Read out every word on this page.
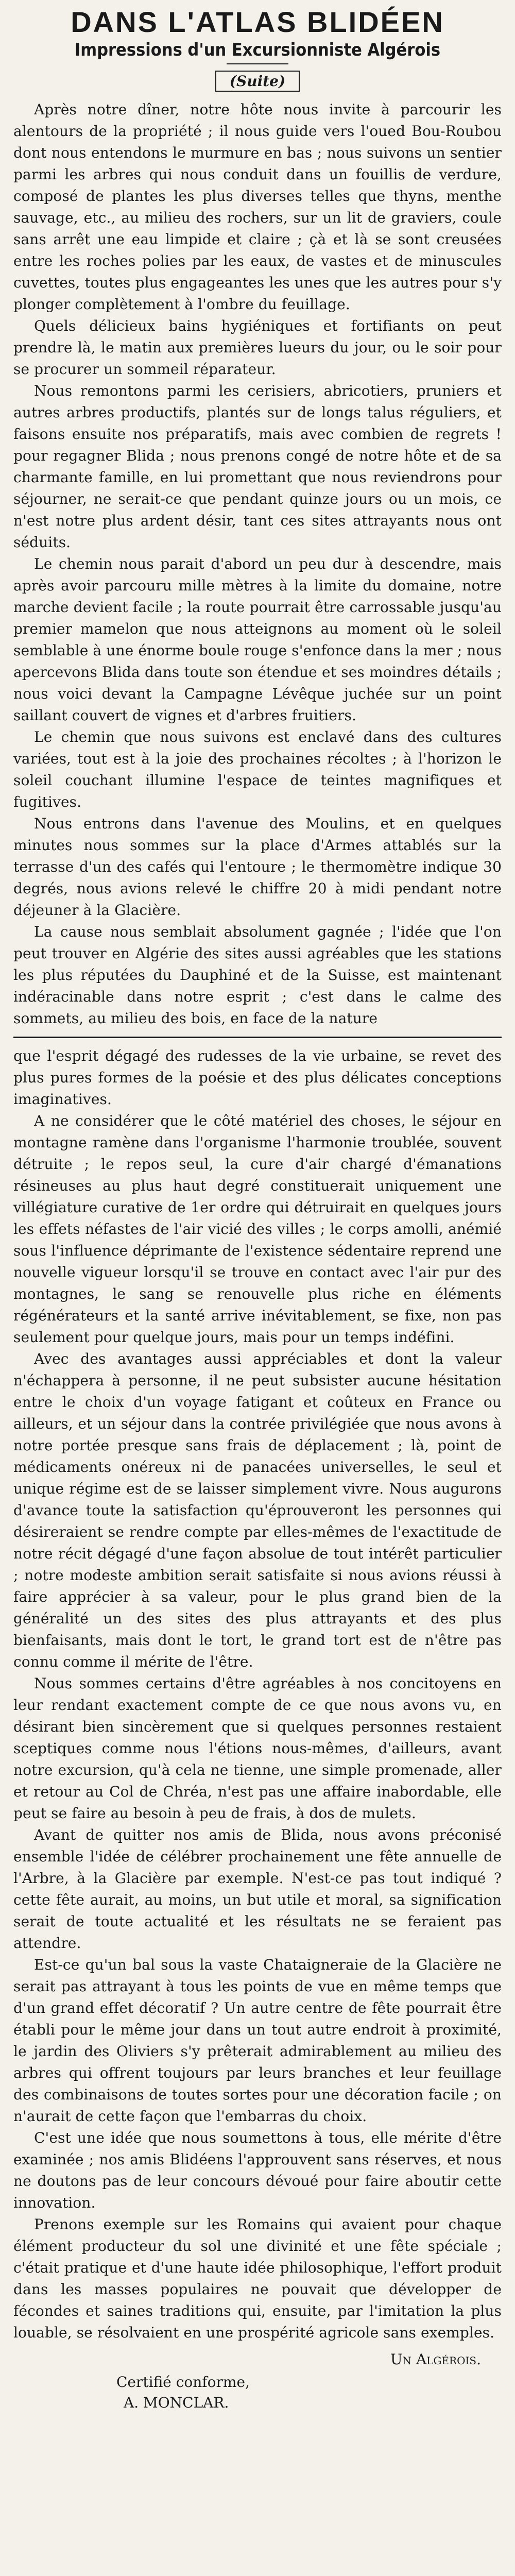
DANS L'ATLAS BLIDÉEN
Impressions d'un Excursionniste Algérois
(Suite)

Après notre dîner, notre hôte nous invite à parcourir les alentours de la propriété ; il nous guide vers l'oued Bou-Roubou dont nous entendons le murmure en bas ; nous suivons un sentier parmi les arbres qui nous conduit dans un fouillis de verdure, composé de plantes les plus diverses telles que thyns, menthe sauvage, etc., au milieu des rochers, sur un lit de graviers, coule sans arrêt une eau limpide et claire ; çà et là se sont creusées entre les roches polies par les eaux, de vastes et de minuscules cuvettes, toutes plus engageantes les unes que les autres pour s'y plonger complètement à l'ombre du feuillage.

Quels délicieux bains hygiéniques et fortifiants on peut prendre là, le matin aux premières lueurs du jour, ou le soir pour se procurer un sommeil réparateur.

Nous remontons parmi les cerisiers, abricotiers, pruniers et autres arbres productifs, plantés sur de longs talus réguliers, et faisons ensuite nos préparatifs, mais avec combien de regrets ! pour regagner Blida ; nous prenons congé de notre hôte et de sa charmante famille, en lui promettant que nous reviendrons pour séjourner, ne serait-ce que pendant quinze jours ou un mois, ce n'est notre plus ardent désir, tant ces sites attrayants nous ont séduits.

Le chemin nous parait d'abord un peu dur à descendre, mais après avoir parcouru mille mètres à la limite du domaine, notre marche devient facile ; la route pourrait être carrossable jusqu'au premier mamelon que nous atteignons au moment où le soleil semblable à une énorme boule rouge s'enfonce dans la mer ; nous apercevons Blida dans toute son étendue et ses moindres détails ; nous voici devant la Campagne Lévêque juchée sur un point saillant couvert de vignes et d'arbres fruitiers.

Le chemin que nous suivons est enclavé dans des cultures variées, tout est à la joie des prochaines récoltes ; à l'horizon le soleil couchant illumine l'espace de teintes magnifiques et fugitives.

Nous entrons dans l'avenue des Moulins, et en quelques minutes nous sommes sur la place d'Armes attablés sur la terrasse d'un des cafés qui l'entoure ; le thermomètre indique 30 degrés, nous avions relevé le chiffre 20 à midi pendant notre déjeuner à la Glacière.

La cause nous semblait absolument gagnée ; l'idée que l'on peut trouver en Algérie des sites aussi agréables que les stations les plus réputées du Dauphiné et de la Suisse, est maintenant indéracinable dans notre esprit ; c'est dans le calme des sommets, au milieu des bois, en face de la nature

que l'esprit dégagé des rudesses de la vie urbaine, se revet des plus pures formes de la poésie et des plus délicates conceptions imaginatives.

A ne considérer que le côté matériel des choses, le séjour en montagne ramène dans l'organisme l'harmonie troublée, souvent détruite ; le repos seul, la cure d'air chargé d'émanations résineuses au plus haut degré constituerait uniquement une villégiature curative de 1er ordre qui détruirait en quelques jours les effets néfastes de l'air vicié des villes ; le corps amolli, anémié sous l'influence déprimante de l'existence sédentaire reprend une nouvelle vigueur lorsqu'il se trouve en contact avec l'air pur des montagnes, le sang se renouvelle plus riche en éléments régénérateurs et la santé arrive inévitablement, se fixe, non pas seulement pour quelque jours, mais pour un temps indéfini.

Avec des avantages aussi appréciables et dont la valeur n'échappera à personne, il ne peut subsister aucune hésitation entre le choix d'un voyage fatigant et coûteux en France ou ailleurs, et un séjour dans la contrée privilégiée que nous avons à notre portée presque sans frais de déplacement ; là, point de médicaments onéreux ni de panacées universelles, le seul et unique régime est de se laisser simplement vivre. Nous augurons d'avance toute la satisfaction qu'éprouveront les personnes qui désireraient se rendre compte par elles-mêmes de l'exactitude de notre récit dégagé d'une façon absolue de tout intérêt particulier ; notre modeste ambition serait satisfaite si nous avions réussi à faire apprécier à sa valeur, pour le plus grand bien de la généralité un des sites des plus attrayants et des plus bienfaisants, mais dont le tort, le grand tort est de n'être pas connu comme il mérite de l'être.

Nous sommes certains d'être agréables à nos concitoyens en leur rendant exactement compte de ce que nous avons vu, en désirant bien sincèrement que si quelques personnes restaient sceptiques comme nous l'étions nous-mêmes, d'ailleurs, avant notre excursion, qu'à cela ne tienne, une simple promenade, aller et retour au Col de Chréa, n'est pas une affaire inabordable, elle peut se faire au besoin à peu de frais, à dos de mulets.

Avant de quitter nos amis de Blida, nous avons préconisé ensemble l'idée de célébrer prochainement une fête annuelle de l'Arbre, à la Glacière par exemple. N'est-ce pas tout indiqué ? cette fête aurait, au moins, un but utile et moral, sa signification serait de toute actualité et les résultats ne se feraient pas attendre.

Est-ce qu'un bal sous la vaste Chataigneraie de la Glacière ne serait pas attrayant à tous les points de vue en même temps que d'un grand effet décoratif ? Un autre centre de fête pourrait être établi pour le même jour dans un tout autre endroit à proximité, le jardin des Oliviers s'y prêterait admirablement au milieu des arbres qui offrent toujours par leurs branches et leur feuillage des combinaisons de toutes sortes pour une décoration facile ; on n'aurait de cette façon que l'embarras du choix.

C'est une idée que nous soumettons à tous, elle mérite d'être examinée ; nos amis Blidéens l'approuvent sans réserves, et nous ne doutons pas de leur concours dévoué pour faire aboutir cette innovation.

Prenons exemple sur les Romains qui avaient pour chaque élément producteur du sol une divinité et une fête spéciale ; c'était pratique et d'une haute idée philosophique, l'effort produit dans les masses populaires ne pouvait que développer de fécondes et saines traditions qui, ensuite, par l'imitation la plus louable, se résolvaient en une prospérité agricole sans exemples.

Un Algérois.
Certifié conforme,
A. MONCLAR.
